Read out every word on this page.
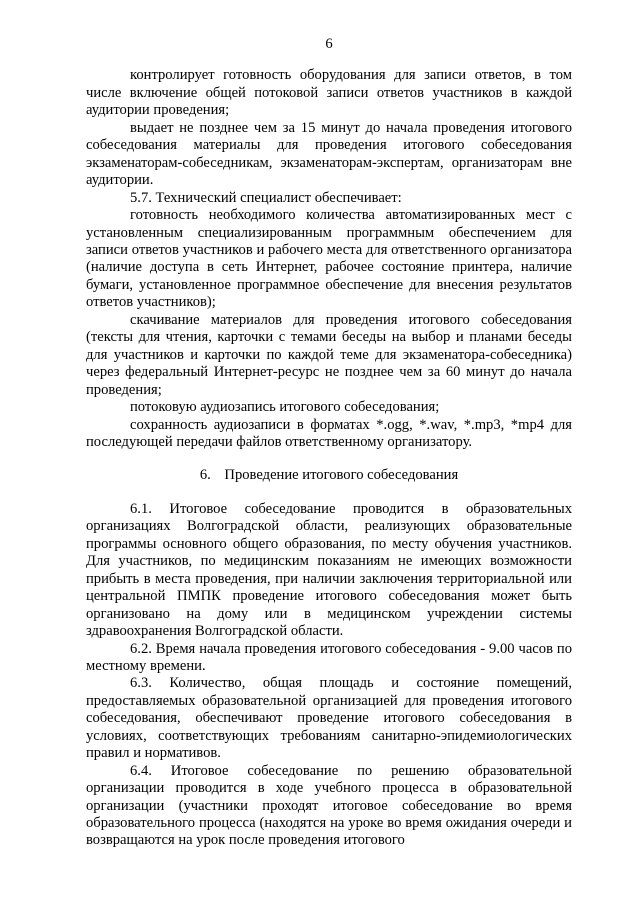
6

контролирует готовность оборудования для записи ответов, в том числе включение общей потоковой записи ответов участников в каждой аудитории проведения;

выдает не позднее чем за 15 минут до начала проведения итогового собеседования материалы для проведения итогового собеседования экзаменаторам-собеседникам, экзаменаторам-экспертам, организаторам вне аудитории.

5.7. Технический специалист обеспечивает:

готовность необходимого количества автоматизированных мест с установленным специализированным программным обеспечением для записи ответов участников и рабочего места для ответственного организатора (наличие доступа в сеть Интернет, рабочее состояние принтера, наличие бумаги, установленное программное обеспечение для внесения результатов ответов участников);

скачивание материалов для проведения итогового собеседования (тексты для чтения, карточки с темами беседы на выбор и планами беседы для участников и карточки по каждой теме для экзаменатора-собеседника) через федеральный Интернет-ресурс не позднее чем за 60 минут до начала проведения;

потоковую аудиозапись итогового собеседования;

сохранность аудиозаписи в форматах *.ogg, *.wav, *.mp3, *mp4 для последующей передачи файлов ответственному организатору.

6. Проведение итогового собеседования

6.1. Итоговое собеседование проводится в образовательных организациях Волгоградской области, реализующих образовательные программы основного общего образования, по месту обучения участников. Для участников, по медицинским показаниям не имеющих возможности прибыть в места проведения, при наличии заключения территориальной или центральной ПМПК проведение итогового собеседования может быть организовано на дому или в медицинском учреждении системы здравоохранения Волгоградской области.

6.2. Время начала проведения итогового собеседования - 9.00 часов по местному времени.

6.3. Количество, общая площадь и состояние помещений, предоставляемых образовательной организацией для проведения итогового собеседования, обеспечивают проведение итогового собеседования в условиях, соответствующих требованиям санитарно-эпидемиологических правил и нормативов.

6.4. Итоговое собеседование по решению образовательной организации проводится в ходе учебного процесса в образовательной организации (участники проходят итоговое собеседование во время образовательного процесса (находятся на уроке во время ожидания очереди и возвращаются на урок после проведения итогового
